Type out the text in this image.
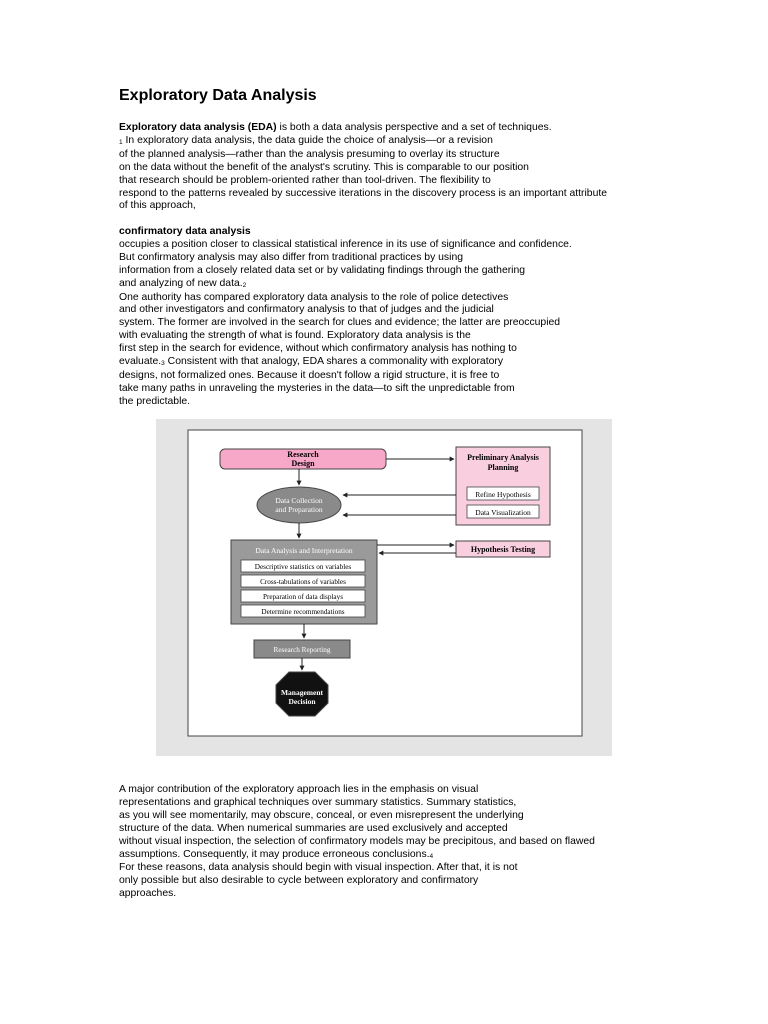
Exploratory Data Analysis
Exploratory data analysis (EDA) is both a data analysis perspective and a set of techniques.
$_1$ In exploratory data analysis, the data guide the choice of analysis—or a revision
of the planned analysis—rather than the analysis presuming to overlay its structure
on the data without the benefit of the analyst's scrutiny. This is comparable to our position
that research should be problem-oriented rather than tool-driven. The flexibility to
respond to the patterns revealed by successive iterations in the discovery process is an important attribute
of this approach,
confirmatory data analysis
occupies a position closer to classical statistical inference in its use of significance and confidence.
But confirmatory analysis may also differ from traditional practices by using
information from a closely related data set or by validating findings through the gathering
and analyzing of new $data._2$
One authority has compared exploratory data analysis to the role of police detectives
and other investigators and confirmatory analysis to that of judges and the judicial
system. The former are involved in the search for clues and evidence; the latter are preoccupied
with evaluating the strength of what is found. Exploratory data analysis is the
first step in the search for evidence, without which confirmatory analysis has nothing to
$evaluate._3$ Consistent with that analogy, EDA shares a commonality with exploratory
designs, not formalized ones. Because it doesn't follow a rigid structure, it is free to
take many paths in unraveling the mysteries in the data—to sift the unpredictable from
the predictable.
Research
Design
Preliminary Analysis
Planning
Refine Hypothesis
Data Visualization
Data Collection
and Preparation
Data Analysis and Interpretation
Descriptive statistics on variables
Cross-tabulations of variables
Preparation of data displays
Determine recommendations
Hypothesis Testing
Research Reporting
Management
Decision
A major contribution of the exploratory approach lies in the emphasis on visual
representations and graphical techniques over summary statistics. Summary statistics,
as you will see momentarily, may obscure, conceal, or even misrepresent the underlying
structure of the data. When numerical summaries are used exclusively and accepted
without visual inspection, the selection of confirmatory models may be precipitous, and based on flawed
assumptions. Consequently, it may produce erroneous $conclusions._4$
For these reasons, data analysis should begin with visual inspection. After that, it is not
only possible but also desirable to cycle between exploratory and confirmatory
approaches.
